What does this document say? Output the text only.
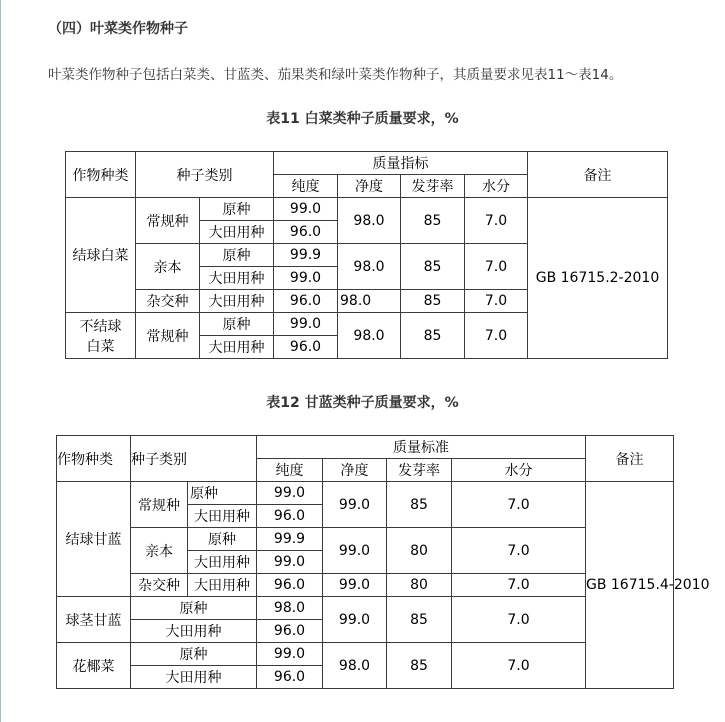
（四）叶菜类作物种子
叶菜类作物种子包括白菜类、甘蓝类、茄果类和绿叶菜类作物种子，其质量要求见表11～表14。
表11 白菜类种子质量要求，%
作物种类	种子类别		质量指标				备注
			纯度	净度	发芽率	水分	
结球白菜	常规种	原种	99.0	98.0	85	7.0	GB 16715.2-2010
		大田用种	96.0				
	亲本	原种	99.9	98.0	85	7.0	
		大田用种	99.0				
	杂交种	大田用种	96.0	98.0	85	7.0	
不结球
白菜	常规种	原种	99.0	98.0	85	7.0	
		大田用种	96.0				
表12 甘蓝类种子质量要求，%
作物种类	种子类别		质量标准				备注
			纯度	净度	发芽率	水分	
结球甘蓝	常规种	原种	99.0	99.0	85	7.0	GB 16715.4-2010
		大田用种	96.0				
	亲本	原种	99.9	99.0	80	7.0	
		大田用种	99.0				
	杂交种	大田用种	96.0	99.0	80	7.0	
球茎甘蓝	原种		98.0	99.0	85	7.0	
	大田用种		96.0				
花椰菜	原种		99.0	98.0	85	7.0	
	大田用种		96.0				
